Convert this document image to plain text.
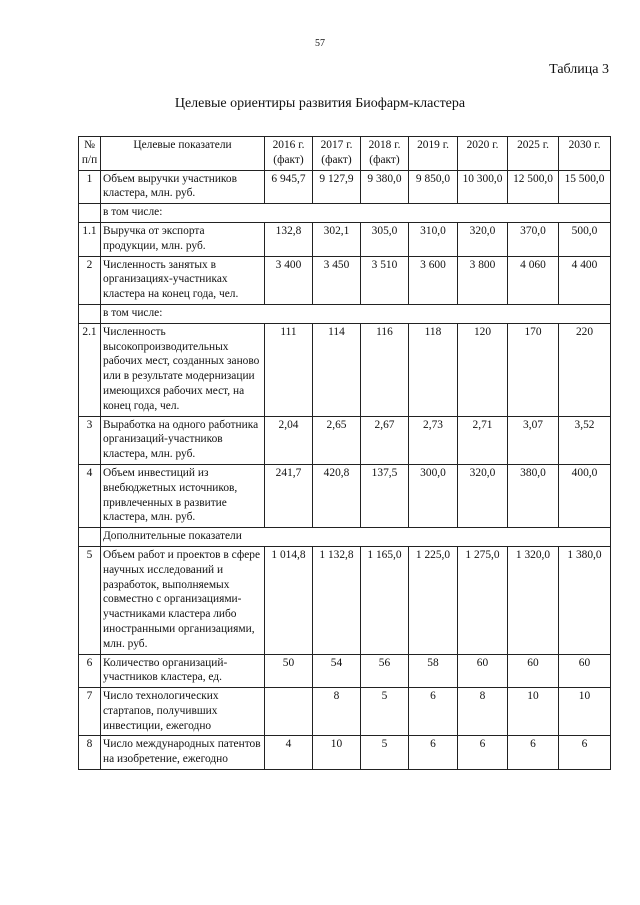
57
Таблица 3
Целевые ориентиры развития Биофарм-кластера
№ п/п	Целевые показатели	2016 г. (факт)	2017 г. (факт)	2018 г. (факт)	2019 г.	2020 г.	2025 г.	2030 г.
1	Объем выручки участников кластера, млн. руб.	6 945,7	9 127,9	9 380,0	9 850,0	10 300,0	12 500,0	15 500,0
	в том числе:							
1.1	Выручка от экспорта продукции, млн. руб.	132,8	302,1	305,0	310,0	320,0	370,0	500,0
2	Численность занятых в организациях-участниках кластера на конец года, чел.	3 400	3 450	3 510	3 600	3 800	4 060	4 400
	в том числе:							
2.1	Численность высокопроизводительных рабочих мест, созданных заново или в результате модернизации имеющихся рабочих мест, на конец года, чел.	111	114	116	118	120	170	220
3	Выработка на одного работника организаций-участников кластера, млн. руб.	2,04	2,65	2,67	2,73	2,71	3,07	3,52
4	Объем инвестиций из внебюджетных источников, привлеченных в развитие кластера, млн. руб.	241,7	420,8	137,5	300,0	320,0	380,0	400,0
	Дополнительные показатели							
5	Объем работ и проектов в сфере научных исследований и разработок, выполняемых совместно с организациями-участниками кластера либо иностранными организациями, млн. руб.	1 014,8	1 132,8	1 165,0	1 225,0	1 275,0	1 320,0	1 380,0
6	Количество организаций-участников кластера, ед.	50	54	56	58	60	60	60
7	Число технологических стартапов, получивших инвестиции, ежегодно		8	5	6	8	10	10
8	Число международных патентов на изобретение, ежегодно	4	10	5	6	6	6	6
